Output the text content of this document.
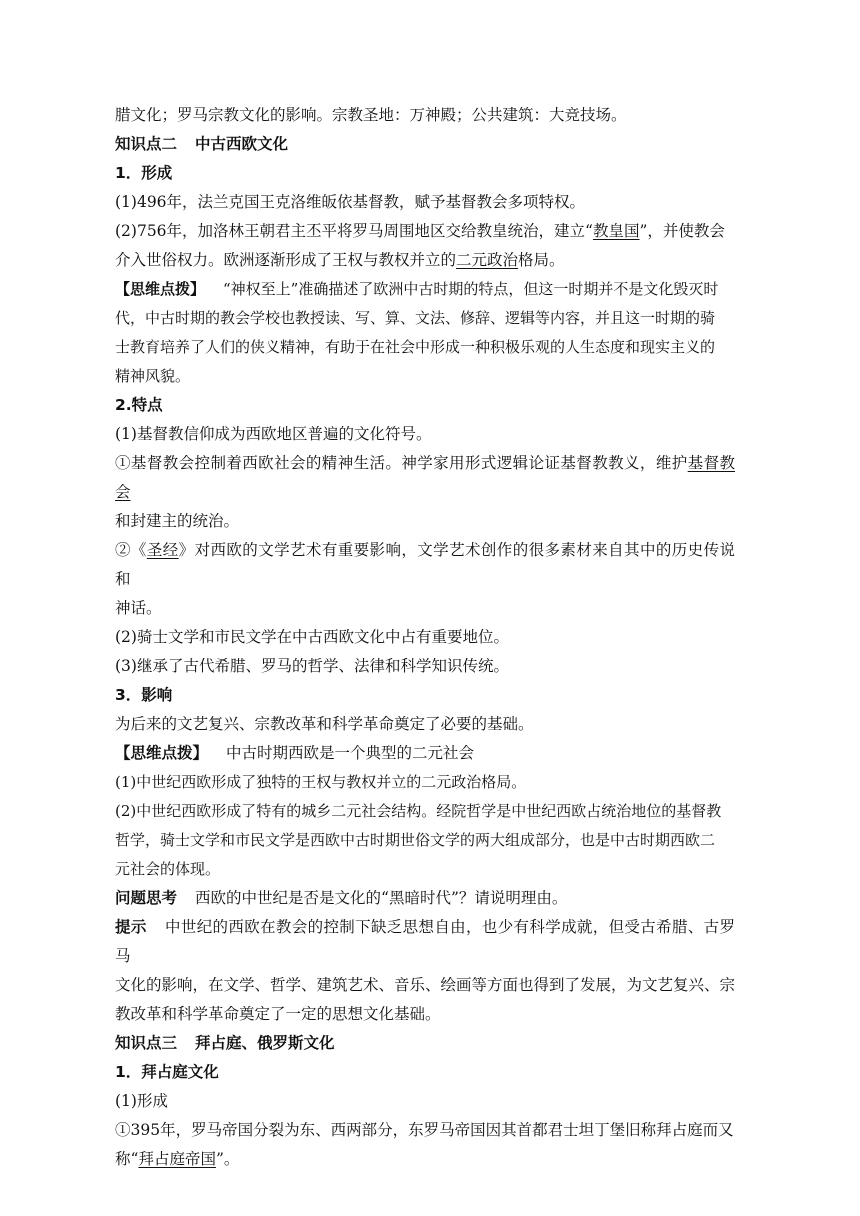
腊文化；罗马宗教文化的影响。宗教圣地：万神殿；公共建筑：大竞技场。

知识点二 中古西欧文化

1．形成

(1)496年，法兰克国王克洛维皈依基督教，赋予基督教会多项特权。

(2)756年，加洛林王朝君主丕平将罗马周围地区交给教皇统治，建立“教皇国”，并使教会

介入世俗权力。欧洲逐渐形成了王权与教权并立的二元政治格局。

【思维点拨】 “神权至上”准确描述了欧洲中古时期的特点，但这一时期并不是文化毁灭时

代，中古时期的教会学校也教授读、写、算、文法、修辞、逻辑等内容，并且这一时期的骑

士教育培养了人们的侠义精神，有助于在社会中形成一种积极乐观的人生态度和现实主义的

精神风貌。

2.特点

(1)基督教信仰成为西欧地区普遍的文化符号。

①基督教会控制着西欧社会的精神生活。神学家用形式逻辑论证基督教教义，维护基督教会

和封建主的统治。

②《圣经》对西欧的文学艺术有重要影响，文学艺术创作的很多素材来自其中的历史传说和

神话。

(2)骑士文学和市民文学在中古西欧文化中占有重要地位。

(3)继承了古代希腊、罗马的哲学、法律和科学知识传统。

3．影响

为后来的文艺复兴、宗教改革和科学革命奠定了必要的基础。

【思维点拨】 中古时期西欧是一个典型的二元社会

(1)中世纪西欧形成了独特的王权与教权并立的二元政治格局。

(2)中世纪西欧形成了特有的城乡二元社会结构。经院哲学是中世纪西欧占统治地位的基督教

哲学，骑士文学和市民文学是西欧中古时期世俗文学的两大组成部分，也是中古时期西欧二

元社会的体现。

问题思考 西欧的中世纪是否是文化的“黑暗时代”？请说明理由。

提示 中世纪的西欧在教会的控制下缺乏思想自由，也少有科学成就，但受古希腊、古罗马

文化的影响，在文学、哲学、建筑艺术、音乐、绘画等方面也得到了发展，为文艺复兴、宗

教改革和科学革命奠定了一定的思想文化基础。

知识点三 拜占庭、俄罗斯文化

1．拜占庭文化

(1)形成

①395年，罗马帝国分裂为东、西两部分，东罗马帝国因其首都君士坦丁堡旧称拜占庭而又

称“拜占庭帝国”。
